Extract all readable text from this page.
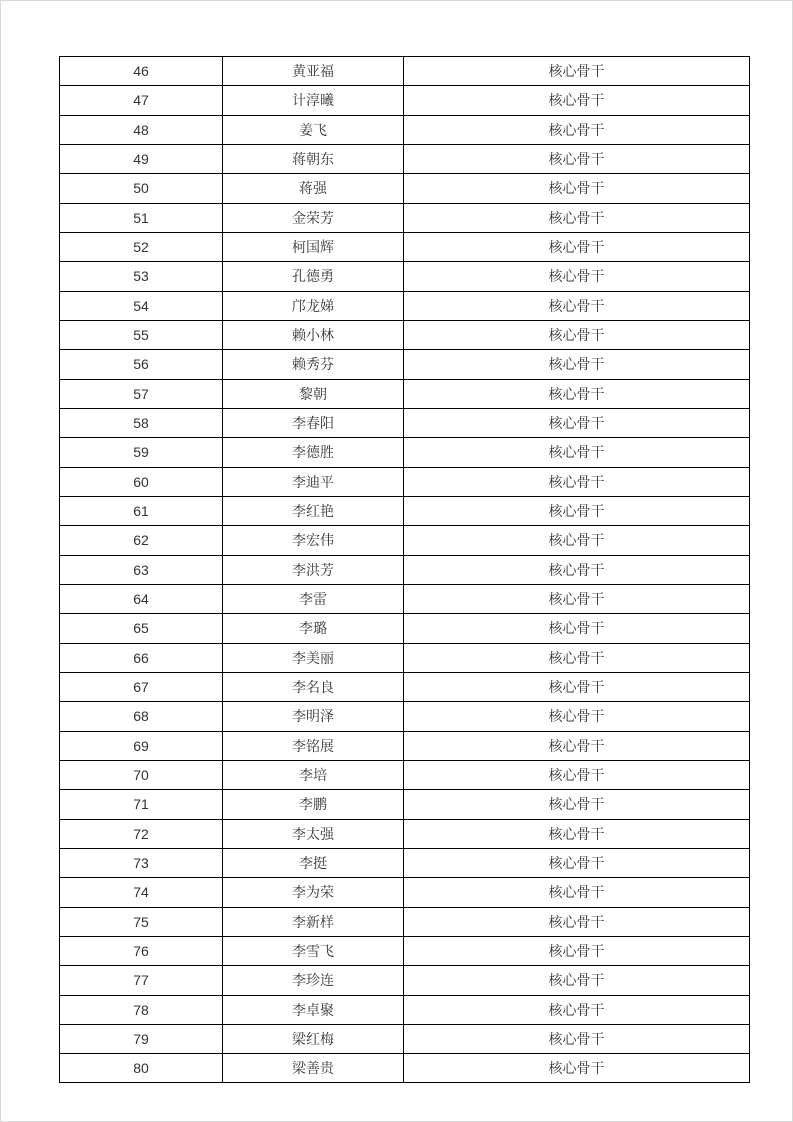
46	黄亚福	核心骨干
47	计淳曦	核心骨干
48	姜飞	核心骨干
49	蒋朝东	核心骨干
50	蒋强	核心骨干
51	金荣芳	核心骨干
52	柯国辉	核心骨干
53	孔德勇	核心骨干
54	邝龙娣	核心骨干
55	赖小林	核心骨干
56	赖秀芬	核心骨干
57	黎朝	核心骨干
58	李春阳	核心骨干
59	李德胜	核心骨干
60	李迪平	核心骨干
61	李红艳	核心骨干
62	李宏伟	核心骨干
63	李洪芳	核心骨干
64	李雷	核心骨干
65	李璐	核心骨干
66	李美丽	核心骨干
67	李名良	核心骨干
68	李明泽	核心骨干
69	李铭展	核心骨干
70	李培	核心骨干
71	李鹏	核心骨干
72	李太强	核心骨干
73	李挺	核心骨干
74	李为荣	核心骨干
75	李新样	核心骨干
76	李雪飞	核心骨干
77	李珍连	核心骨干
78	李卓聚	核心骨干
79	梁红梅	核心骨干
80	梁善贵	核心骨干
